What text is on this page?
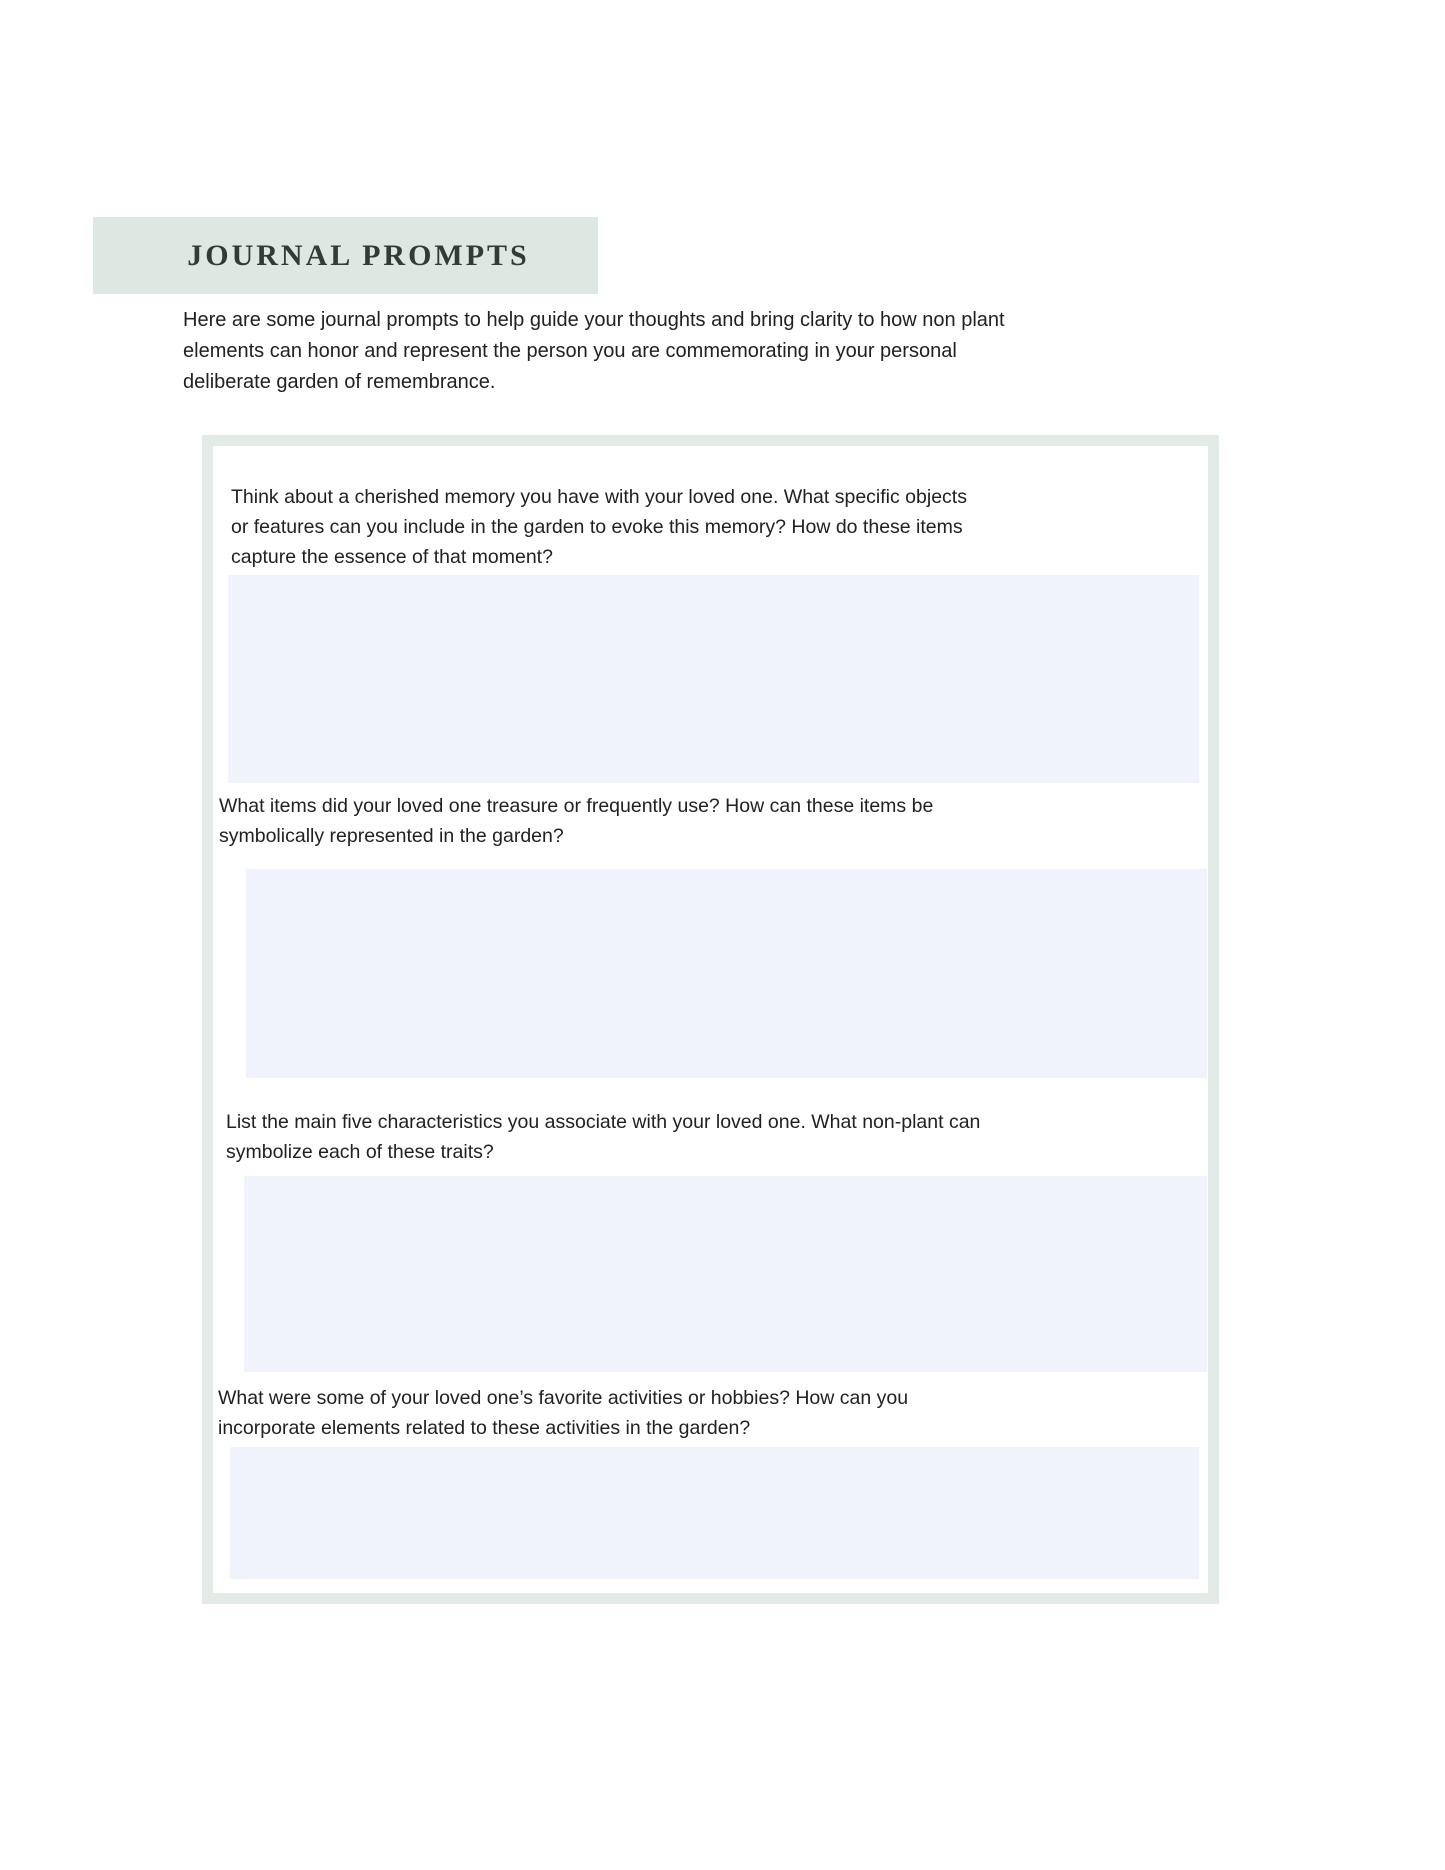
JOURNAL PROMPTS
Here are some journal prompts to help guide your thoughts and bring clarity to how non plant
elements can honor and represent the person you are commemorating in your personal
deliberate garden of remembrance.
Think about a cherished memory you have with your loved one. What specific objects
or features can you include in the garden to evoke this memory? How do these items
capture the essence of that moment?
What items did your loved one treasure or frequently use? How can these items be
symbolically represented in the garden?
List the main five characteristics you associate with your loved one. What non-plant can
symbolize each of these traits?
What were some of your loved one’s favorite activities or hobbies? How can you
incorporate elements related to these activities in the garden?
